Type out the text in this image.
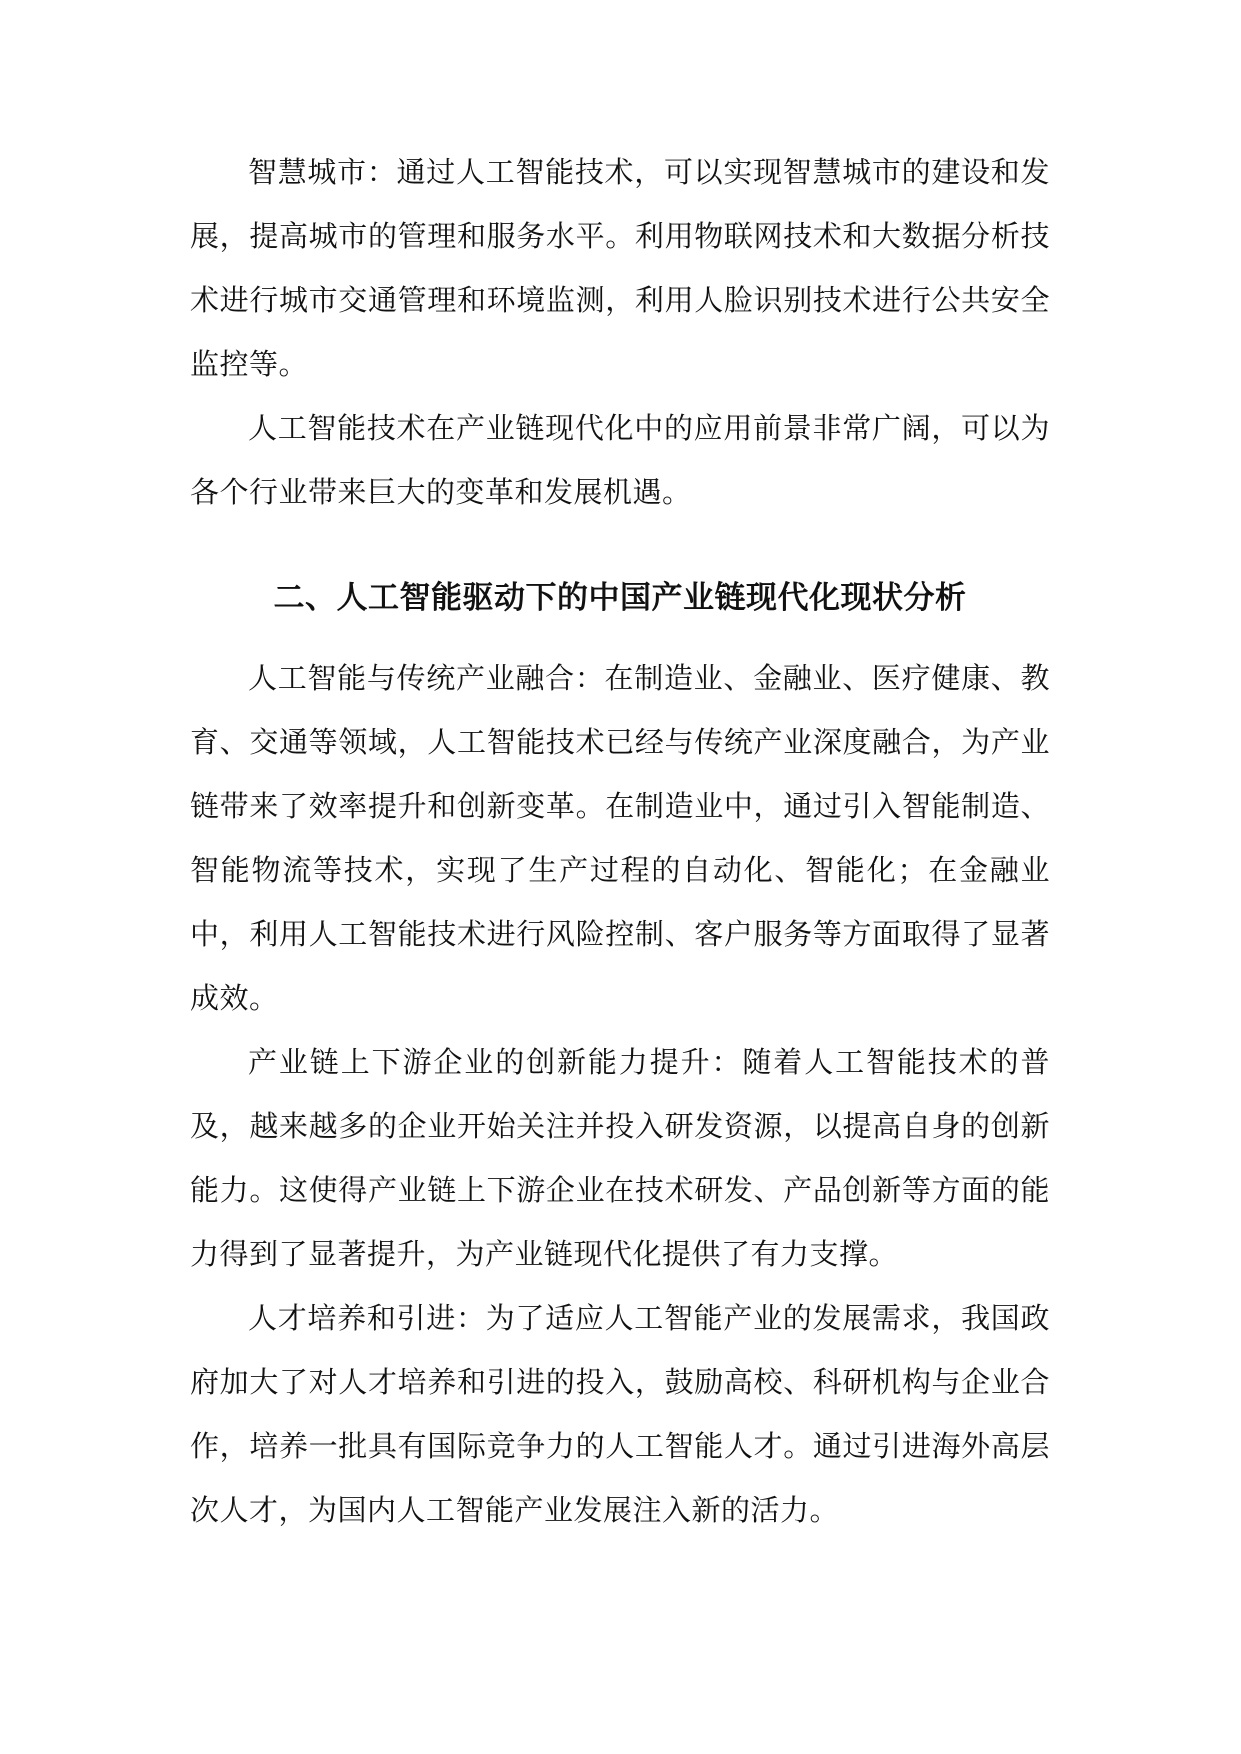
智慧城市：通过人工智能技术，可以实现智慧城市的建设和发展，提高城市的管理和服务水平。利用物联网技术和大数据分析技术进行城市交通管理和环境监测，利用人脸识别技术进行公共安全监控等。

人工智能技术在产业链现代化中的应用前景非常广阔，可以为各个行业带来巨大的变革和发展机遇。

二、人工智能驱动下的中国产业链现代化现状分析

人工智能与传统产业融合：在制造业、金融业、医疗健康、教育、交通等领域，人工智能技术已经与传统产业深度融合，为产业链带来了效率提升和创新变革。在制造业中，通过引入智能制造、智能物流等技术，实现了生产过程的自动化、智能化；在金融业中，利用人工智能技术进行风险控制、客户服务等方面取得了显著成效。

产业链上下游企业的创新能力提升：随着人工智能技术的普及，越来越多的企业开始关注并投入研发资源，以提高自身的创新能力。这使得产业链上下游企业在技术研发、产品创新等方面的能力得到了显著提升，为产业链现代化提供了有力支撑。

人才培养和引进：为了适应人工智能产业的发展需求，我国政府加大了对人才培养和引进的投入，鼓励高校、科研机构与企业合作，培养一批具有国际竞争力的人工智能人才。通过引进海外高层次人才，为国内人工智能产业发展注入新的活力。
